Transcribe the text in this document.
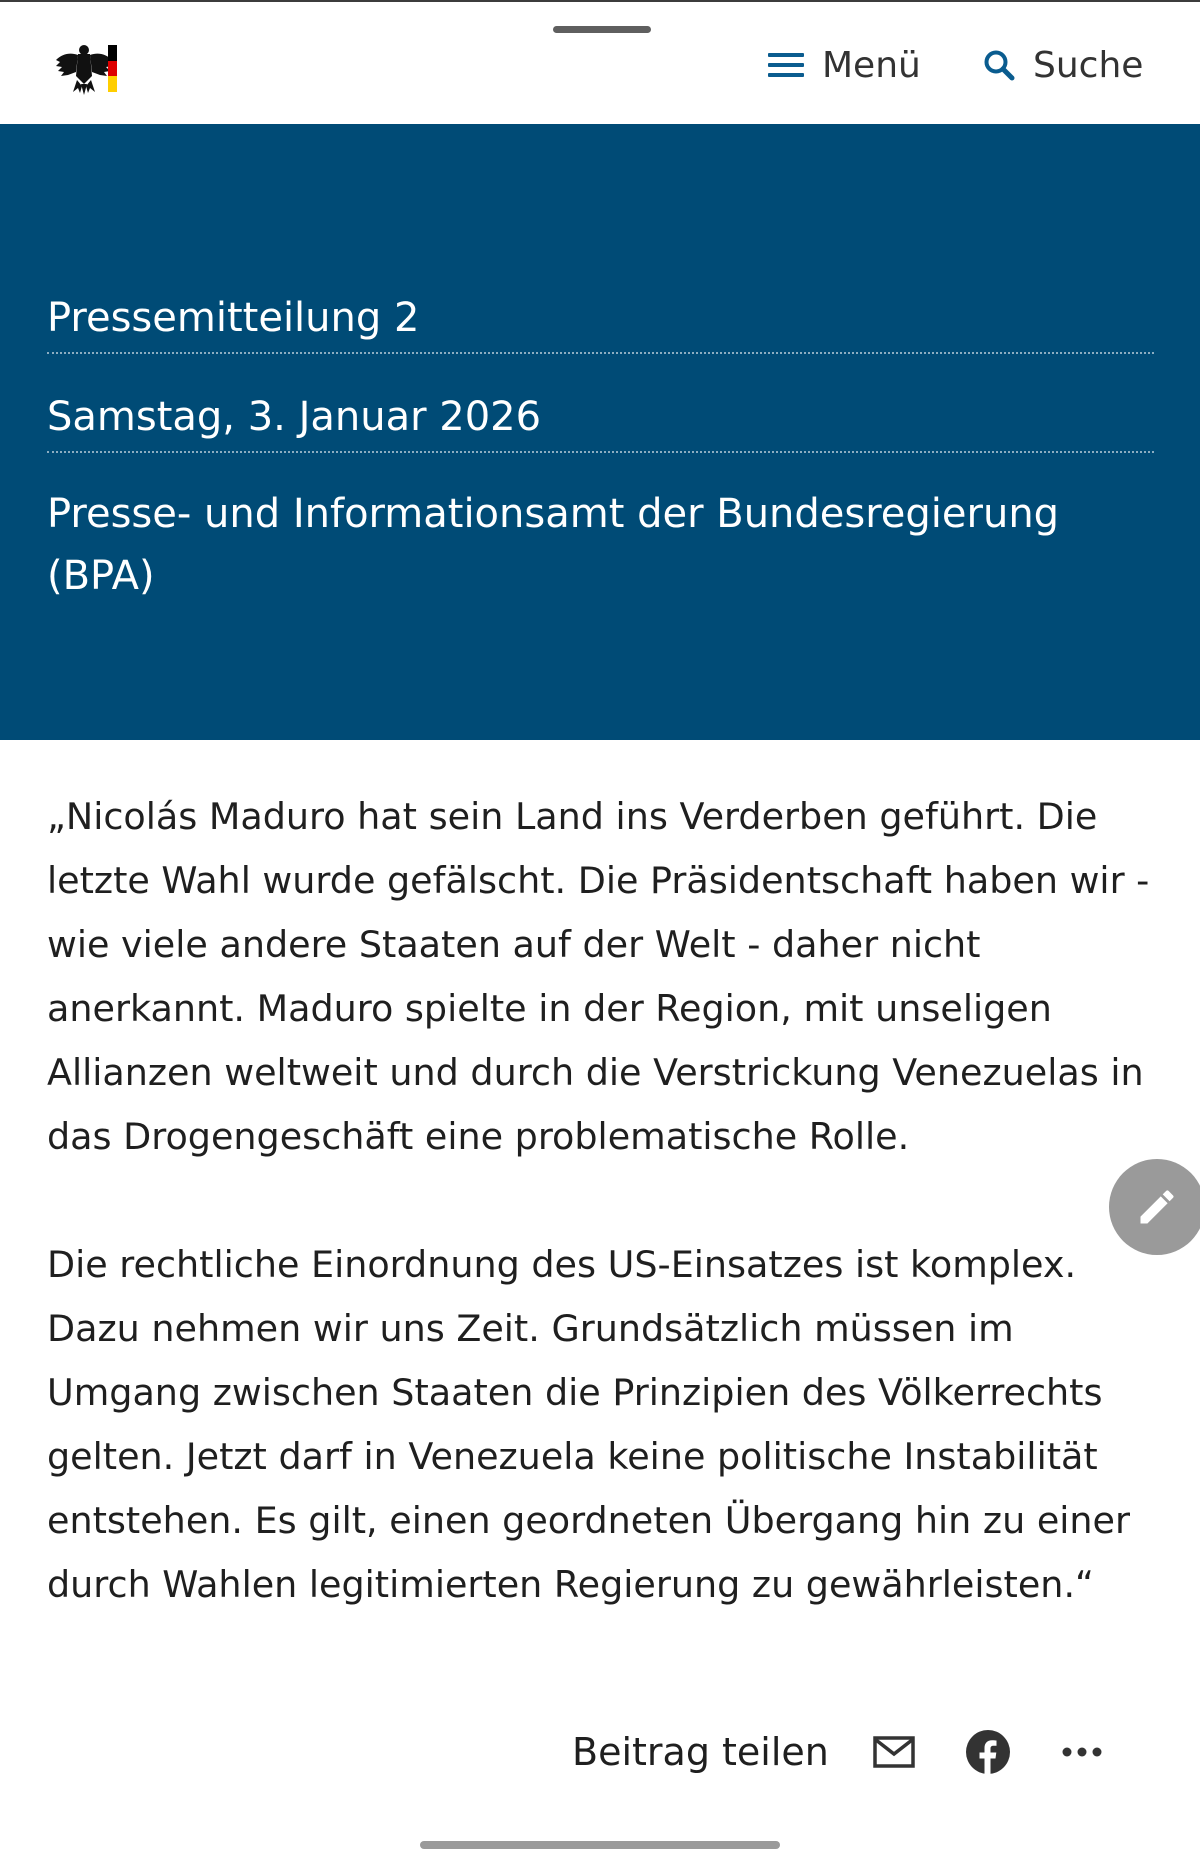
Menü	Suche
Pressemitteilung 2
Samstag, 3. Januar 2026
Presse- und Informationsamt der Bundesregierung (BPA)

„Nicolás Maduro hat sein Land ins Verderben geführt. Die letzte Wahl wurde gefälscht. Die Präsidentschaft haben wir - wie viele andere Staaten auf der Welt - daher nicht anerkannt. Maduro spielte in der Region, mit unseligen Allianzen weltweit und durch die Verstrickung Venezuelas in das Drogengeschäft eine problematische Rolle.

Die rechtliche Einordnung des US-Einsatzes ist komplex. Dazu nehmen wir uns Zeit. Grundsätzlich müssen im Umgang zwischen Staaten die Prinzipien des Völkerrechts gelten. Jetzt darf in Venezuela keine politische Instabilität entstehen. Es gilt, einen geordneten Übergang hin zu einer durch Wahlen legitimierten Regierung zu gewährleisten.“

Beitrag teilen
